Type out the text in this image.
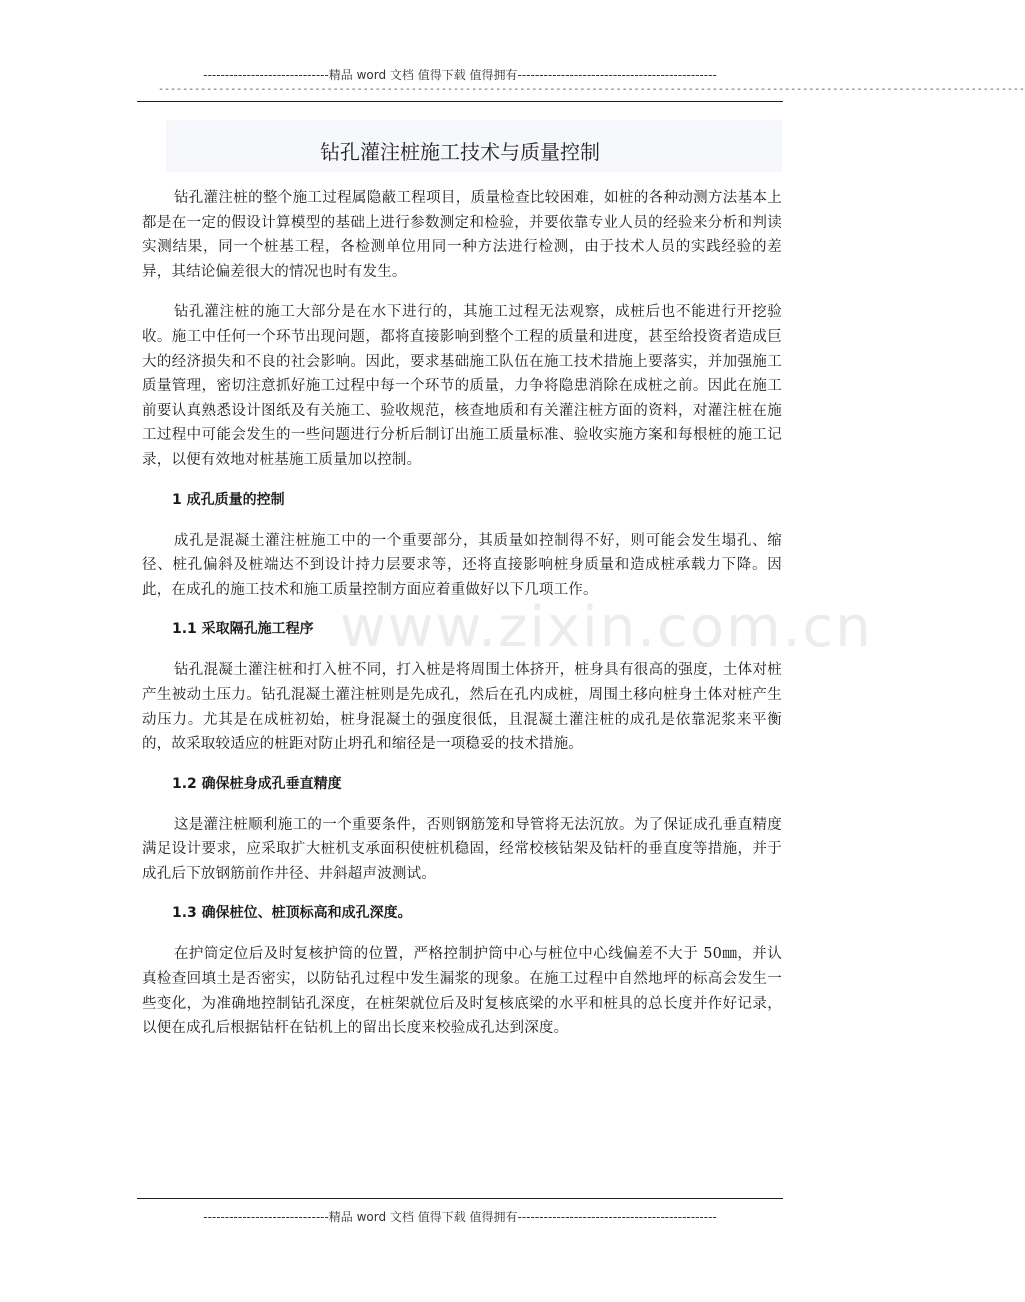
-----------------------------精品 word 文档 值得下载 值得拥有----------------------------------------------
------------------------------------------------------------------------------------------------------------------------------------------------
钻孔灌注桩施工技术与质量控制
www.zixin.com.cn

钻孔灌注桩的整个施工过程属隐蔽工程项目，质量检查比较困难，如桩的各种动测方法基本上都是在一定的假设计算模型的基础上进行参数测定和检验，并要依靠专业人员的经验来分析和判读实测结果，同一个桩基工程，各检测单位用同一种方法进行检测，由于技术人员的实践经验的差异，其结论偏差很大的情况也时有发生。

钻孔灌注桩的施工大部分是在水下进行的，其施工过程无法观察，成桩后也不能进行开挖验收。施工中任何一个环节出现问题，都将直接影响到整个工程的质量和进度，甚至给投资者造成巨大的经济损失和不良的社会影响。因此，要求基础施工队伍在施工技术措施上要落实，并加强施工质量管理，密切注意抓好施工过程中每一个环节的质量，力争将隐患消除在成桩之前。因此在施工前要认真熟悉设计图纸及有关施工、验收规范，核查地质和有关灌注桩方面的资料，对灌注桩在施工过程中可能会发生的一些问题进行分析后制订出施工质量标准、验收实施方案和每根桩的施工记录，以便有效地对桩基施工质量加以控制。

1 成孔质量的控制

成孔是混凝土灌注桩施工中的一个重要部分，其质量如控制得不好，则可能会发生塌孔、缩径、桩孔偏斜及桩端达不到设计持力层要求等，还将直接影响桩身质量和造成桩承载力下降。因此，在成孔的施工技术和施工质量控制方面应着重做好以下几项工作。

1.1 采取隔孔施工程序

钻孔混凝土灌注桩和打入桩不同，打入桩是将周围土体挤开，桩身具有很高的强度，土体对桩产生被动土压力。钻孔混凝土灌注桩则是先成孔，然后在孔内成桩，周围土移向桩身土体对桩产生动压力。尤其是在成桩初始，桩身混凝土的强度很低，且混凝土灌注桩的成孔是依靠泥浆来平衡的，故采取较适应的桩距对防止坍孔和缩径是一项稳妥的技术措施。

1.2 确保桩身成孔垂直精度

这是灌注桩顺利施工的一个重要条件，否则钢筋笼和导管将无法沉放。为了保证成孔垂直精度满足设计要求，应采取扩大桩机支承面积使桩机稳固，经常校核钻架及钻杆的垂直度等措施，并于成孔后下放钢筋前作井径、井斜超声波测试。

1.3 确保桩位、桩顶标高和成孔深度。

在护筒定位后及时复核护筒的位置，严格控制护筒中心与桩位中心线偏差不大于 50㎜，并认真检查回填土是否密实，以防钻孔过程中发生漏浆的现象。在施工过程中自然地坪的标高会发生一些变化，为准确地控制钻孔深度，在桩架就位后及时复核底梁的水平和桩具的总长度并作好记录，以便在成孔后根据钻杆在钻机上的留出长度来校验成孔达到深度。

-----------------------------精品 word 文档 值得下载 值得拥有----------------------------------------------
